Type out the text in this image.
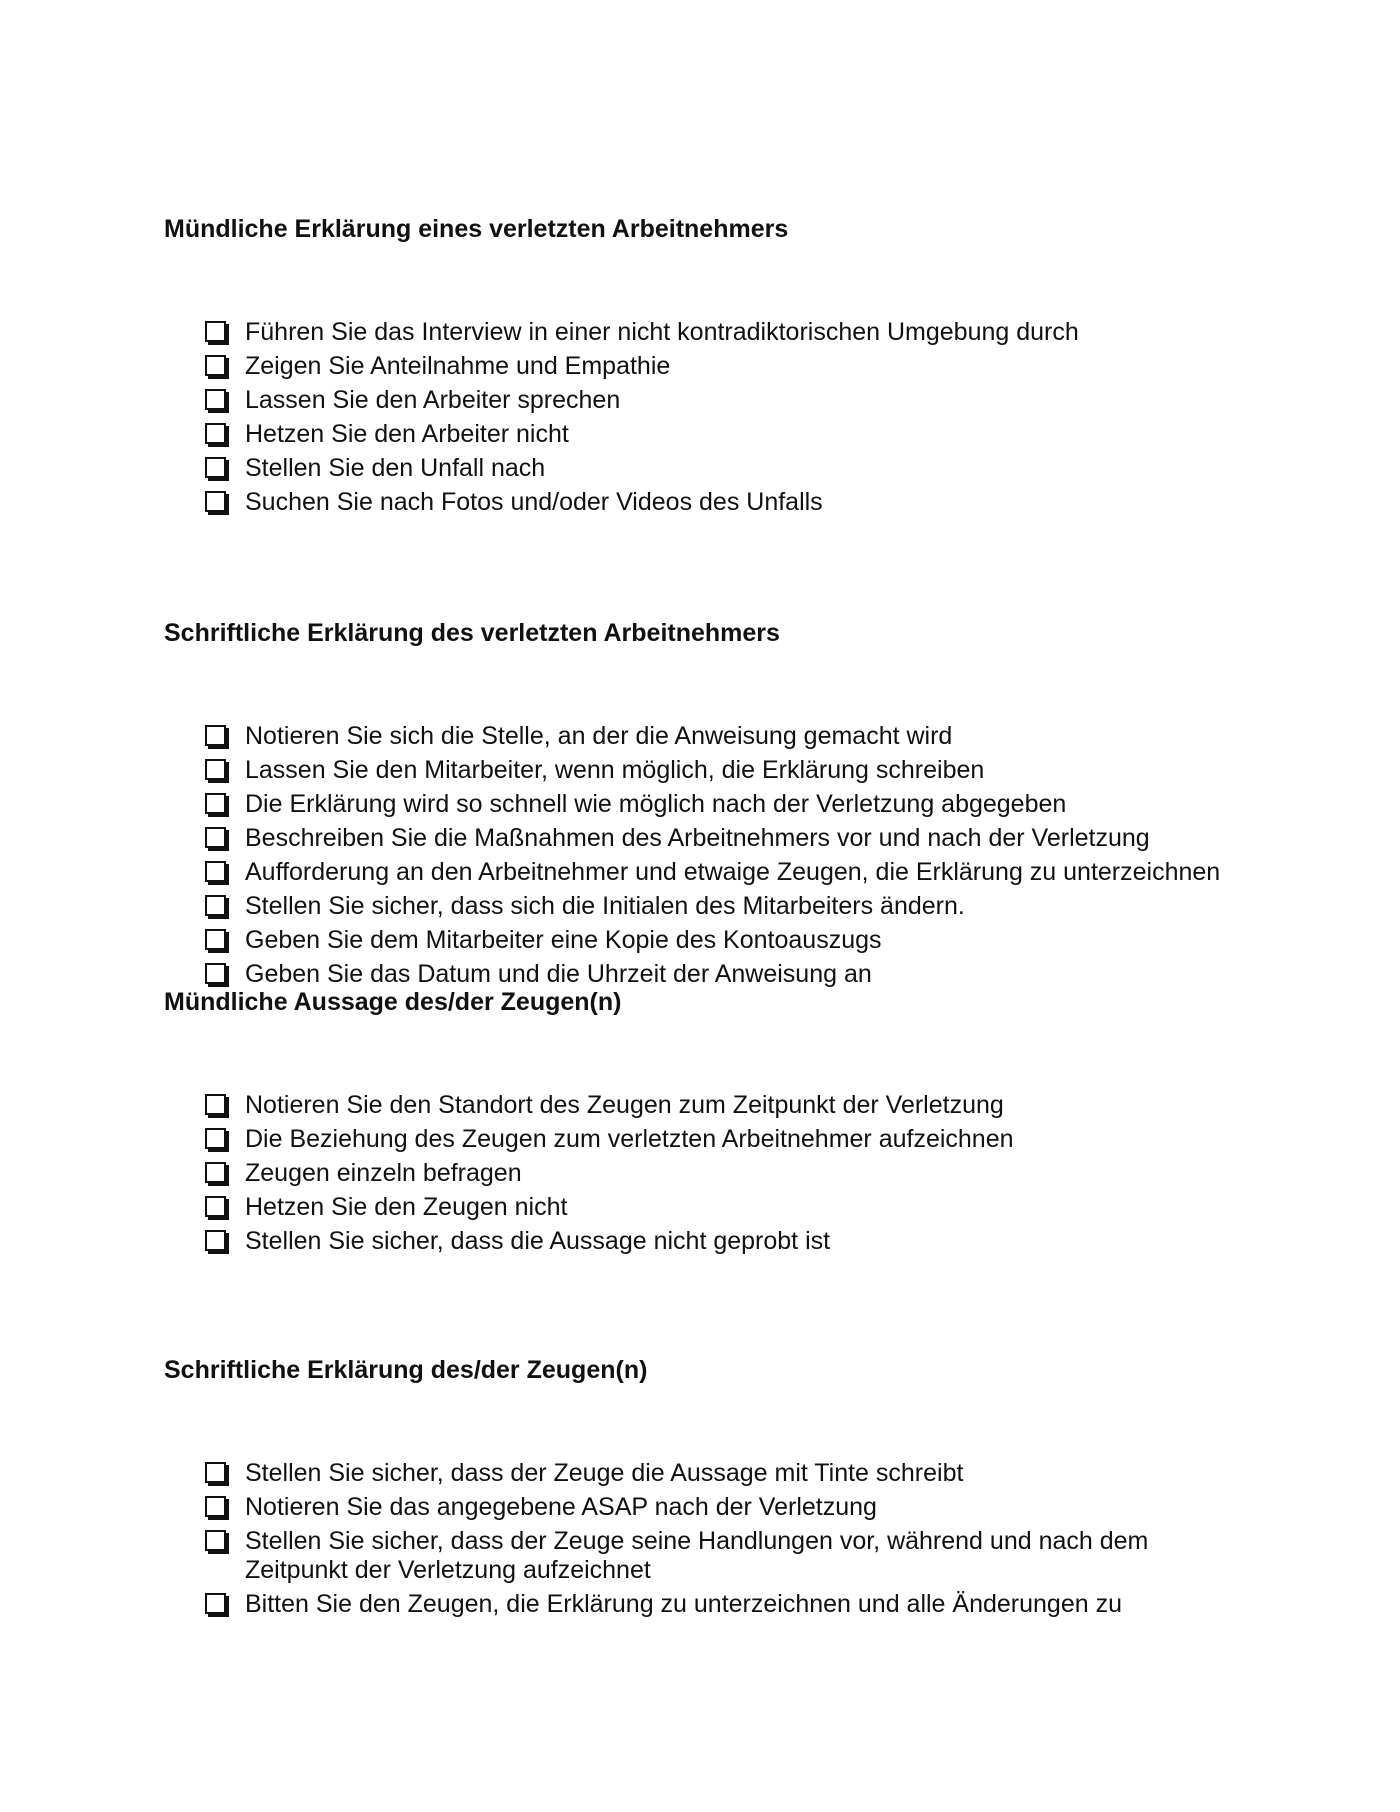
Mündliche Erklärung eines verletzten Arbeitnehmers
Führen Sie das Interview in einer nicht kontradiktorischen Umgebung durch
Zeigen Sie Anteilnahme und Empathie
Lassen Sie den Arbeiter sprechen
Hetzen Sie den Arbeiter nicht
Stellen Sie den Unfall nach
Suchen Sie nach Fotos und/oder Videos des Unfalls
Schriftliche Erklärung des verletzten Arbeitnehmers
Notieren Sie sich die Stelle, an der die Anweisung gemacht wird
Lassen Sie den Mitarbeiter, wenn möglich, die Erklärung schreiben
Die Erklärung wird so schnell wie möglich nach der Verletzung abgegeben
Beschreiben Sie die Maßnahmen des Arbeitnehmers vor und nach der Verletzung
Aufforderung an den Arbeitnehmer und etwaige Zeugen, die Erklärung zu unterzeichnen
Stellen Sie sicher, dass sich die Initialen des Mitarbeiters ändern.
Geben Sie dem Mitarbeiter eine Kopie des Kontoauszugs
Geben Sie das Datum und die Uhrzeit der Anweisung an
Mündliche Aussage des/der Zeugen(n)
Notieren Sie den Standort des Zeugen zum Zeitpunkt der Verletzung
Die Beziehung des Zeugen zum verletzten Arbeitnehmer aufzeichnen
Zeugen einzeln befragen
Hetzen Sie den Zeugen nicht
Stellen Sie sicher, dass die Aussage nicht geprobt ist
Schriftliche Erklärung des/der Zeugen(n)
Stellen Sie sicher, dass der Zeuge die Aussage mit Tinte schreibt
Notieren Sie das angegebene ASAP nach der Verletzung
Stellen Sie sicher, dass der Zeuge seine Handlungen vor, während und nach dem Zeitpunkt der Verletzung aufzeichnet
Bitten Sie den Zeugen, die Erklärung zu unterzeichnen und alle Änderungen zu
